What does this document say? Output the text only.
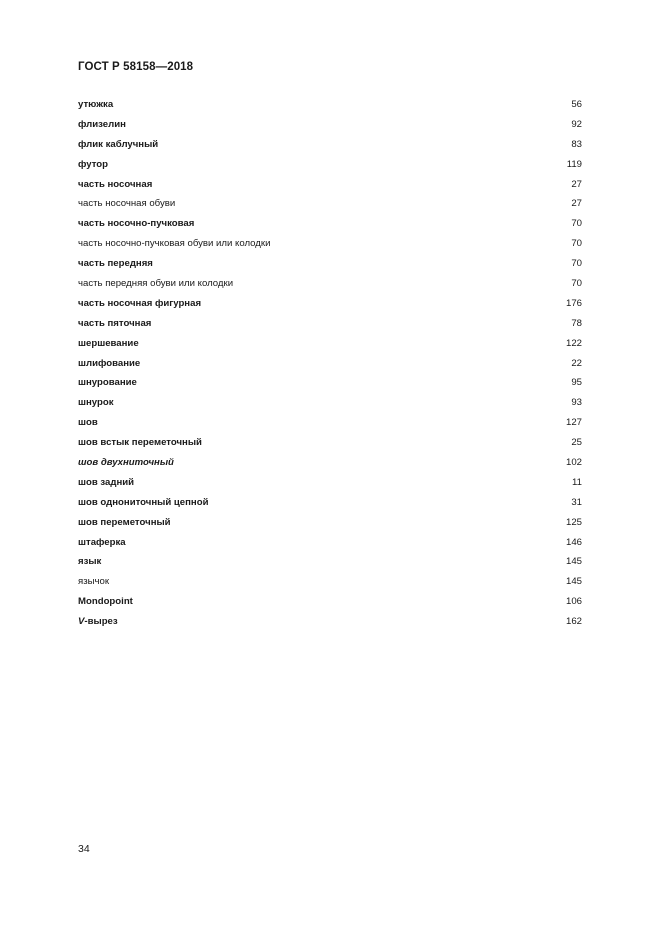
ГОСТ Р 58158—2018
утюжка	56
флизелин	92
флик каблучный	83
футор	119
часть носочная	27
часть носочная обуви	27
часть носочно-пучковая	70
часть носочно-пучковая обуви или колодки	70
часть передняя	70
часть передняя обуви или колодки	70
часть носочная фигурная	176
часть пяточная	78
шершевание	122
шлифование	22
шнурование	95
шнурок	93
шов	127
шов встык переметочный	25
шов двухниточный	102
шов задний	11
шов однониточный цепной	31
шов переметочный	125
штаферка	146
язык	145
язычок	145
Mondopoint	106
V-вырез	162
34
